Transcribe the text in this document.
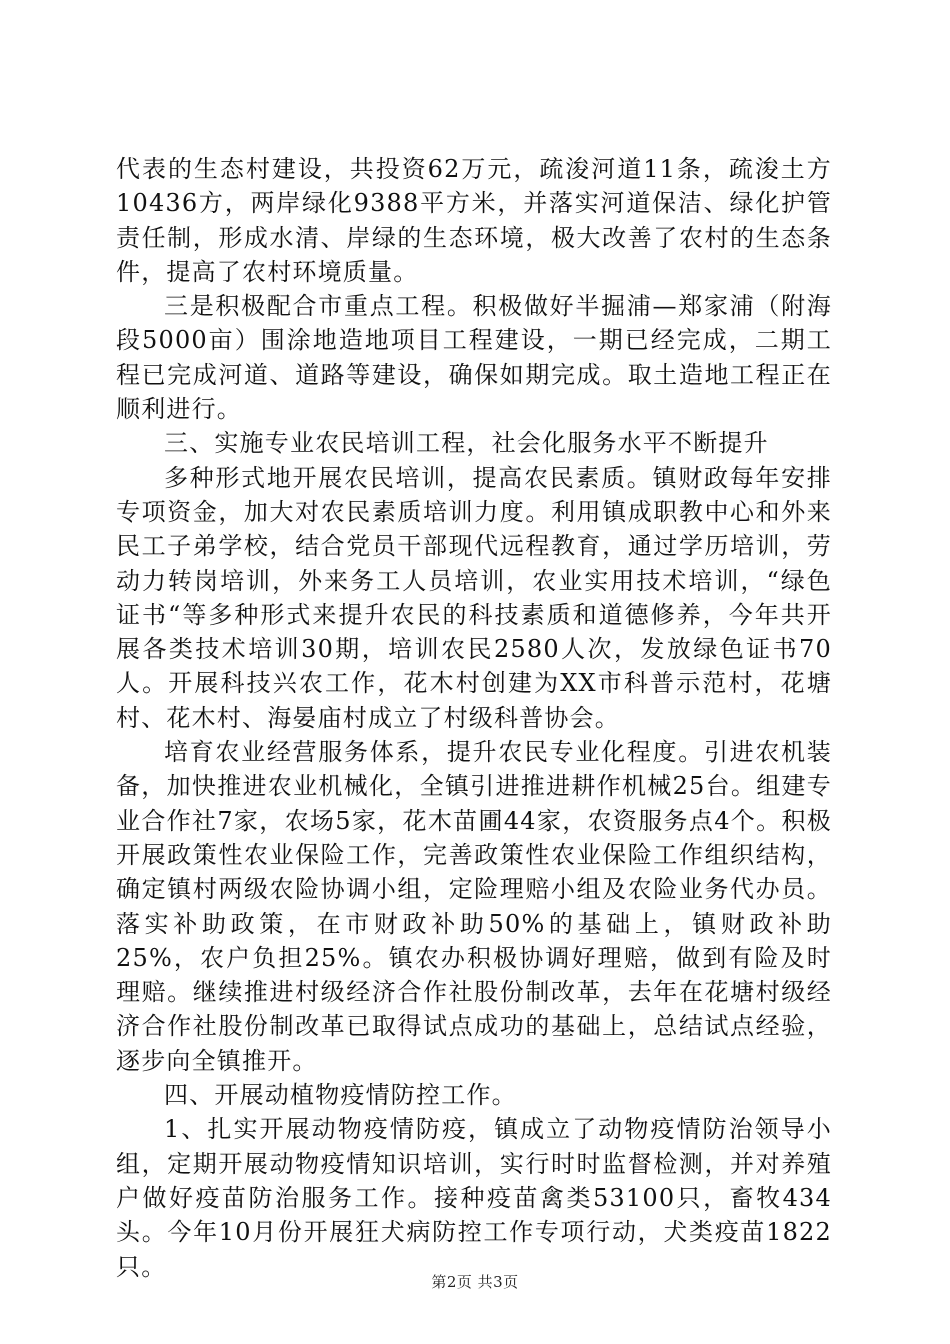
代表的生态村建设，共投资62万元，疏浚河道11条，疏浚土方10436方，两岸绿化9388平方米，并落实河道保洁、绿化护管责任制，形成水清、岸绿的生态环境，极大改善了农村的生态条件，提高了农村环境质量。

三是积极配合市重点工程。积极做好半掘浦—郑家浦（附海段5000亩）围涂地造地项目工程建设，一期已经完成，二期工程已完成河道、道路等建设，确保如期完成。取土造地工程正在顺利进行。

三、实施专业农民培训工程，社会化服务水平不断提升

多种形式地开展农民培训，提高农民素质。镇财政每年安排专项资金，加大对农民素质培训力度。利用镇成职教中心和外来民工子弟学校，结合党员干部现代远程教育，通过学历培训，劳动力转岗培训，外来务工人员培训，农业实用技术培训，“绿色证书“等多种形式来提升农民的科技素质和道德修养，今年共开展各类技术培训30期，培训农民2580人次，发放绿色证书70人。开展科技兴农工作，花木村创建为XX市科普示范村，花塘村、花木村、海晏庙村成立了村级科普协会。

培育农业经营服务体系，提升农民专业化程度。引进农机装备，加快推进农业机械化，全镇引进推进耕作机械25台。组建专业合作社7家，农场5家，花木苗圃44家，农资服务点4个。积极开展政策性农业保险工作，完善政策性农业保险工作组织结构，确定镇村两级农险协调小组，定险理赔小组及农险业务代办员。落实补助政策，在市财政补助50%的基础上，镇财政补助25%，农户负担25%。镇农办积极协调好理赔，做到有险及时理赔。继续推进村级经济合作社股份制改革，去年在花塘村级经济合作社股份制改革已取得试点成功的基础上，总结试点经验，逐步向全镇推开。

四、开展动植物疫情防控工作。

1、扎实开展动物疫情防疫，镇成立了动物疫情防治领导小组，定期开展动物疫情知识培训，实行时时监督检测，并对养殖户做好疫苗防治服务工作。接种疫苗禽类53100只，畜牧434头。今年10月份开展狂犬病防控工作专项行动，犬类疫苗1822只。

第2页 共3页
